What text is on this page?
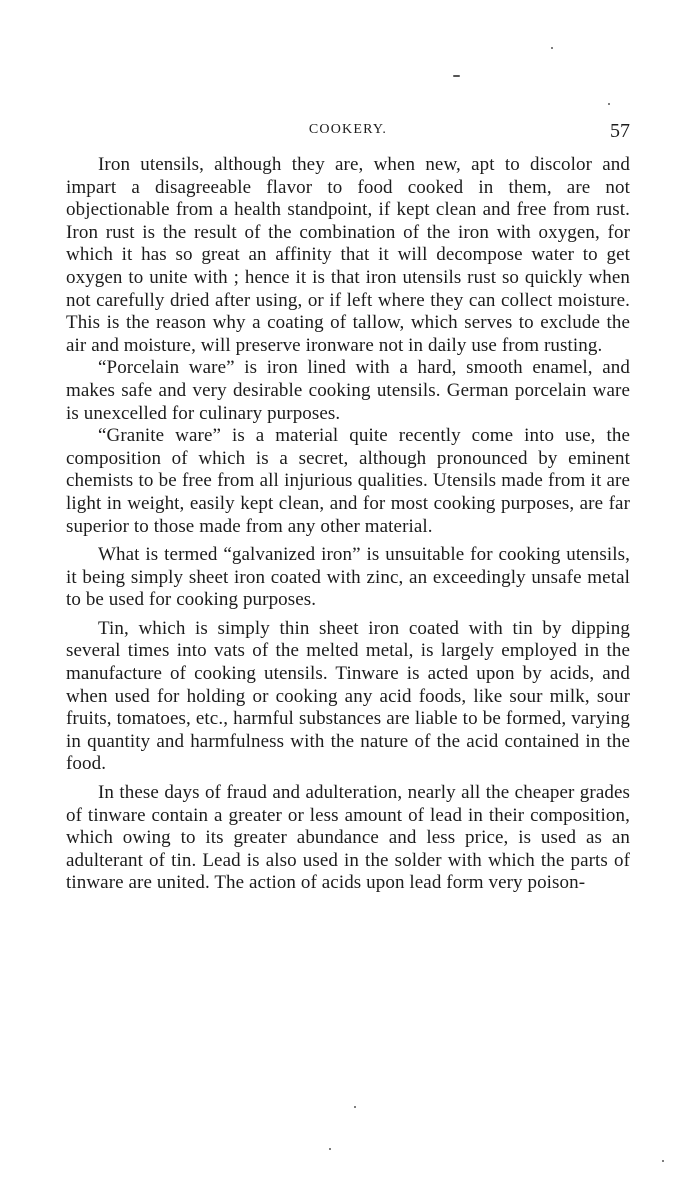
COOKERY.	57

Iron utensils, although they are, when new, apt to discolor and impart a disagreeable flavor to food cooked in them, are not objectionable from a health standpoint, if kept clean and free from rust. Iron rust is the result of the combination of the iron with oxygen, for which it has so great an affinity that it will decompose water to get oxygen to unite with ; hence it is that iron utensils rust so quickly when not carefully dried after using, or if left where they can collect moisture. This is the reason why a coating of tallow, which serves to exclude the air and moisture, will preserve ironware not in daily use from rusting.

“Porcelain ware” is iron lined with a hard, smooth enamel, and makes safe and very desirable cooking utensils. German porcelain ware is unexcelled for culinary purposes.

“Granite ware” is a material quite recently come into use, the composition of which is a secret, although pronounced by eminent chemists to be free from all injurious qualities. Utensils made from it are light in weight, easily kept clean, and for most cooking purposes, are far superior to those made from any other material.

What is termed “galvanized iron” is unsuitable for cooking utensils, it being simply sheet iron coated with zinc, an exceedingly unsafe metal to be used for cooking purposes.

Tin, which is simply thin sheet iron coated with tin by dipping several times into vats of the melted metal, is largely employed in the manufacture of cooking utensils. Tinware is acted upon by acids, and when used for holding or cooking any acid foods, like sour milk, sour fruits, tomatoes, etc., harmful substances are liable to be formed, varying in quantity and harmfulness with the nature of the acid contained in the food.

In these days of fraud and adulteration, nearly all the cheaper grades of tinware contain a greater or less amount of lead in their composition, which owing to its greater abundance and less price, is used as an adulterant of tin. Lead is also used in the solder with which the parts of tinware are united. The action of acids upon lead form very poison-
